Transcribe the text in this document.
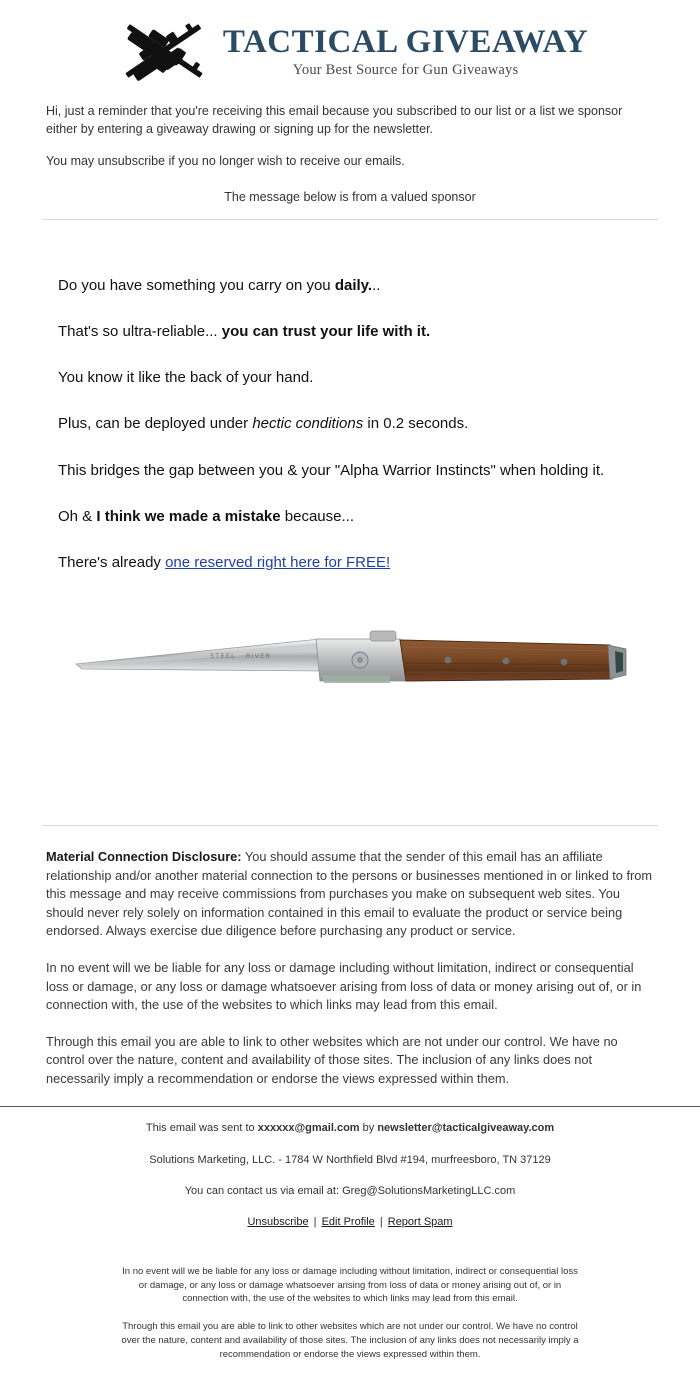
TACTICAL GIVEAWAY
Your Best Source for Gun Giveaways

Hi, just a reminder that you're receiving this email because you subscribed to our list or a list we sponsor either by entering a giveaway drawing or signing up for the newsletter.

You may unsubscribe if you no longer wish to receive our emails.

The message below is from a valued sponsor

Do you have something you carry on you daily...

That's so ultra-reliable... you can trust your life with it.

You know it like the back of your hand.

Plus, can be deployed under hectic conditions in 0.2 seconds.

This bridges the gap between you & your "Alpha Warrior Instincts" when holding it.

Oh & I think we made a mistake because...

There's already one reserved right here for FREE!

STEEL RIVER

Material Connection Disclosure: You should assume that the sender of this email has an affiliate relationship and/or another material connection to the persons or businesses mentioned in or linked to from this message and may receive commissions from purchases you make on subsequent web sites. You should never rely solely on information contained in this email to evaluate the product or service being endorsed. Always exercise due diligence before purchasing any product or service.

In no event will we be liable for any loss or damage including without limitation, indirect or consequential loss or damage, or any loss or damage whatsoever arising from loss of data or money arising out of, or in connection with, the use of the websites to which links may lead from this email.

Through this email you are able to link to other websites which are not under our control. We have no control over the nature, content and availability of those sites. The inclusion of any links does not necessarily imply a recommendation or endorse the views expressed within them.

This email was sent to xxxxxx@gmail.com by newsletter@tacticalgiveaway.com

Solutions Marketing, LLC. - 1784 W Northfield Blvd #194, murfreesboro, TN 37129

You can contact us via email at: Greg@SolutionsMarketingLLC.com

Unsubscribe | Edit Profile | Report Spam

In no event will we be liable for any loss or damage including without limitation, indirect or consequential loss or damage, or any loss or damage whatsoever arising from loss of data or money arising out of, or in connection with, the use of the websites to which links may lead from this email.

Through this email you are able to link to other websites which are not under our control. We have no control over the nature, content and availability of those sites. The inclusion of any links does not necessarily imply a recommendation or endorse the views expressed within them.
